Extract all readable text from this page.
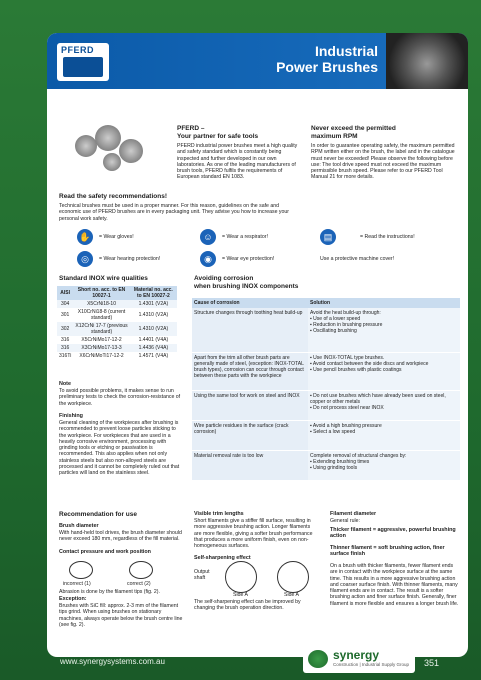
PFERD	Industrial
Power Brushes
PFERD –
Your partner for safe tools
PFERD industrial power brushes meet a high quality and safety standard which is constantly being inspected and further developed in our own laboratories. As one of the leading manufacturers of brush tools, PFERD fulfils the requirements of European standard EN 1083.
Never exceed the permitted
maximum RPM
In order to guarantee operating safety, the maximum permitted RPM written either on the brush, the label and in the catalogue must never be exceeded! Please observe the following before use: The tool drive speed must not exceed the maximum permissible brush speed. Please refer to our PFERD Tool Manual 21 for more details.
Read the safety recommendations!
Technical brushes must be used in a proper manner. For this reason, guidelines on the safe and economic use of PFERD brushes are in every packaging unit. They advise you how to increase your personal work safety.
✋	= Wear gloves!	☺	= Wear a respirator!	▤	= Read the instructions!
◎	= Wear hearing protection!	◉	= Wear eye protection!	Use a protective machine cover!
Standard INOX wire qualities
AISI	Short no. acc. to EN 10027-1	Material no. acc. to EN 10027-2
304	X5CrNi18-10	1.4301 (V2A)
301	X10CrNi18-8 (current standard)	1.4310 (V2A)
302	X12CrNi 17-7 (previous standard)	1.4310 (V2A)
316	X5CrNiMo17-12-2	1.4401 (V4A)
316	X3CrNiMo17-13-3	1.4436 (V4A)
316Ti	X6CrNiMoTi17-12-2	1.4571 (V4A)
Note
To avoid possible problems, it makes sense to run preliminary tests to check the corrosion-resistance of the workpiece.
Finishing
General cleaning of the workpieces after brushing is recommended to prevent loose particles sticking to the workpiece. For workpieces that are used in a heavily corrosive environment, processing with grinding tools or etching or passivation is recommended. This also applies when not only stainless steels but also non-alloyed steels are processed and it cannot be completely ruled out that particles will land on the stainless steel.
Avoiding corrosion
when brushing INOX components
Cause of corrosion	Solution
Structure changes through toothing heat build-up	Avoid the heat build-up through:
▪ Use of a lower speed
▪ Reduction in brushing pressure
▪ Oscillating brushing
Apart from the trim all other brush parts are generally made of steel, (exception: INOX-TOTAL brush types), corrosion can occur through contact between these parts with the workpiece	▪ Use INOX-TOTAL type brushes.
▪ Avoid contact between the side discs and workpiece
▪ Use pencil brushes with plastic coatings
Using the same tool for work on steel and INOX	▪ Do not use brushes which have already been used on steel, copper or other metals
▪ Do not process steel near INOX
Wire particle residues in the surface (crack corrosion)	▪ Avoid a high brushing pressure
▪ Select a low speed
Material removal rate is too low	Complete removal of structural changes by:
▪ Extending brushing times
▪ Using grinding tools
Recommendation for use
Brush diameter
With hand-held tool drives, the brush diameter should never exceed 180 mm, regardless of the fill material.
Contact pressure and work position
incorrect (1)	correct (2)
Abrasion is done by the filament tips (fig. 2).
Exception:
Brushes with SiC fill: approx. 2-3 mm of the filament tips grind. When using brushes on stationary machines, always operate below the brush centre line (see fig. 2).
Visible trim lengths
Short filaments give a stiffer fill surface, resulting in more aggressive brushing action. Longer filaments are more flexible, giving a softer brush performance that produces a more uniform finish, even on non-homogeneous surfaces.
Self-sharpening effect
Output
shaft
Side A	Side A
The self-sharpening effect can be improved by changing the brush operation direction.
Filament diameter
General rule:
Thicker filament = aggressive, powerful brushing action
Thinner filament = soft brushing action, finer surface finish
On a brush with thicker filaments, fewer filament ends are in contact with the workpiece surface at the same time. This results in a more aggressive brushing action and coarser surface finish. With thinner filaments, many filament ends are in contact. The result is a softer brushing action and finer surface finish. Generally, finer filament is more flexible and ensures a longer brush life.
www.synergysystems.com.au	synergy
Construction | Industrial Supply Group 351
